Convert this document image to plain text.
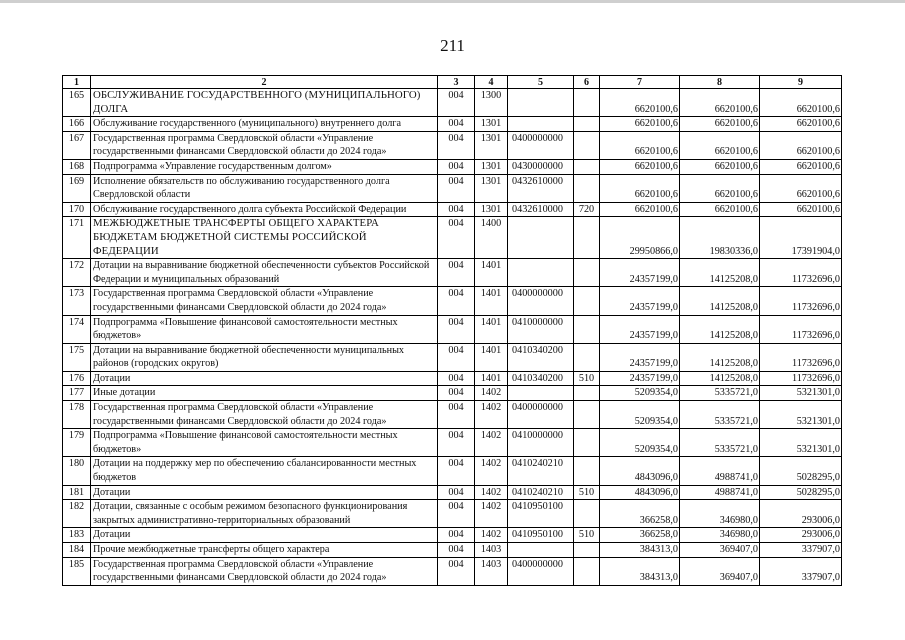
211
1	2	3	4	5	6	7	8	9
165	ОБСЛУЖИВАНИЕ ГОСУДАРСТВЕННОГО (МУНИЦИПАЛЬНОГО) ДОЛГА	004	1300			6620100,6	6620100,6	6620100,6
166	Обслуживание государственного (муниципального) внутреннего долга	004	1301			6620100,6	6620100,6	6620100,6
167	Государственная программа Свердловской области «Управление государственными финансами Свердловской области до 2024 года»	004	1301	0400000000		6620100,6	6620100,6	6620100,6
168	Подпрограмма «Управление государственным долгом»	004	1301	0430000000		6620100,6	6620100,6	6620100,6
169	Исполнение обязательств по обслуживанию государственного долга Свердловской области	004	1301	0432610000		6620100,6	6620100,6	6620100,6
170	Обслуживание государственного долга субъекта Российской Федерации	004	1301	0432610000	720	6620100,6	6620100,6	6620100,6
171	МЕЖБЮДЖЕТНЫЕ ТРАНСФЕРТЫ ОБЩЕГО ХАРАКТЕРА БЮДЖЕТАМ БЮДЖЕТНОЙ СИСТЕМЫ РОССИЙСКОЙ ФЕДЕРАЦИИ	004	1400			29950866,0	19830336,0	17391904,0
172	Дотации на выравнивание бюджетной обеспеченности субъектов Российской Федерации и муниципальных образований	004	1401			24357199,0	14125208,0	11732696,0
173	Государственная программа Свердловской области «Управление государственными финансами Свердловской области до 2024 года»	004	1401	0400000000		24357199,0	14125208,0	11732696,0
174	Подпрограмма «Повышение финансовой самостоятельности местных бюджетов»	004	1401	0410000000		24357199,0	14125208,0	11732696,0
175	Дотации на выравнивание бюджетной обеспеченности муниципальных районов (городских округов)	004	1401	0410340200		24357199,0	14125208,0	11732696,0
176	Дотации	004	1401	0410340200	510	24357199,0	14125208,0	11732696,0
177	Иные дотации	004	1402			5209354,0	5335721,0	5321301,0
178	Государственная программа Свердловской области «Управление государственными финансами Свердловской области до 2024 года»	004	1402	0400000000		5209354,0	5335721,0	5321301,0
179	Подпрограмма «Повышение финансовой самостоятельности местных бюджетов»	004	1402	0410000000		5209354,0	5335721,0	5321301,0
180	Дотации на поддержку мер по обеспечению сбалансированности местных бюджетов	004	1402	0410240210		4843096,0	4988741,0	5028295,0
181	Дотации	004	1402	0410240210	510	4843096,0	4988741,0	5028295,0
182	Дотации, связанные с особым режимом безопасного функционирования закрытых административно-территориальных образований	004	1402	0410950100		366258,0	346980,0	293006,0
183	Дотации	004	1402	0410950100	510	366258,0	346980,0	293006,0
184	Прочие межбюджетные трансферты общего характера	004	1403			384313,0	369407,0	337907,0
185	Государственная программа Свердловской области «Управление государственными финансами Свердловской области до 2024 года»	004	1403	0400000000		384313,0	369407,0	337907,0
